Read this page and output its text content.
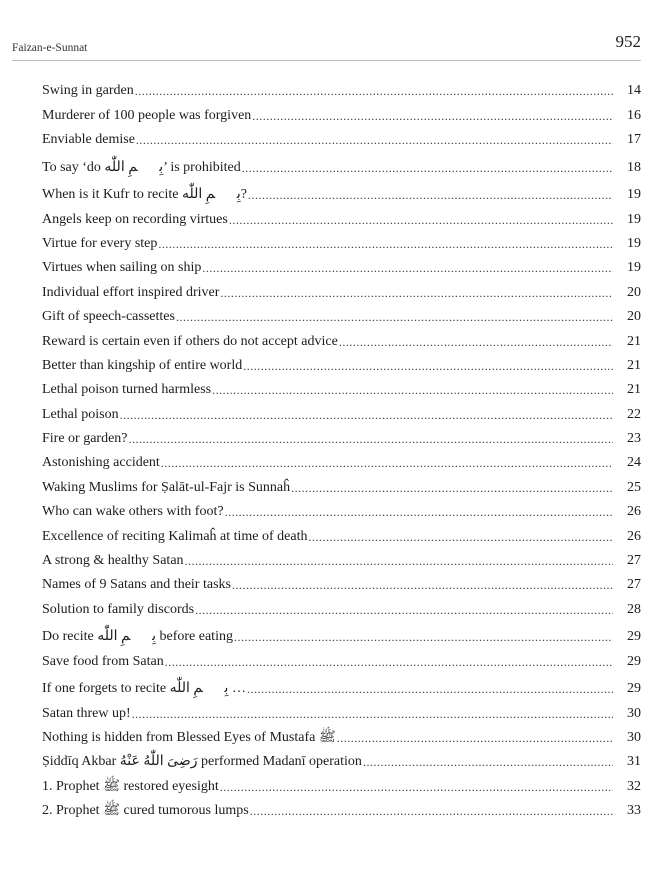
Faizan-e-Sunnat	952
Swing in garden .....	14
Murderer of 100 people was forgiven .....	16
Enviable demise .....	17
To say ‘do بِسۡمِ اللّٰه’ is prohibited .....	18
When is it Kufr to recite بِسۡمِ اللّٰه? .....	19
Angels keep on recording virtues .....	19
Virtue for every step .....	19
Virtues when sailing on ship .....	19
Individual effort inspired driver .....	20
Gift of speech-cassettes .....	20
Reward is certain even if others do not accept advice .....	21
Better than kingship of entire world .....	21
Lethal poison turned harmless .....	21
Lethal poison .....	22
Fire or garden? .....	23
Astonishing accident .....	24
Waking Muslims for Ṣalāt-ul-Fajr is Sunnaĥ .....	25
Who can wake others with foot? .....	26
Excellence of reciting Kalimaĥ at time of death .....	26
A strong & healthy Satan .....	27
Names of 9 Satans and their tasks .....	27
Solution to family discords .....	28
Do recite بِسۡمِ اللّٰه before eating .....	29
Save food from Satan .....	29
If one forgets to recite بِسۡمِ اللّٰه … .....	29
Satan threw up! .....	30
Nothing is hidden from Blessed Eyes of Mustafa ﷺ .....	30
Ṣiddīq Akbar رَضِیَ اللّٰهُ عَنْهُ performed Madanī operation .....	31
1. Prophet ﷺ restored eyesight .....	32
2. Prophet ﷺ cured tumorous lumps .....	33
